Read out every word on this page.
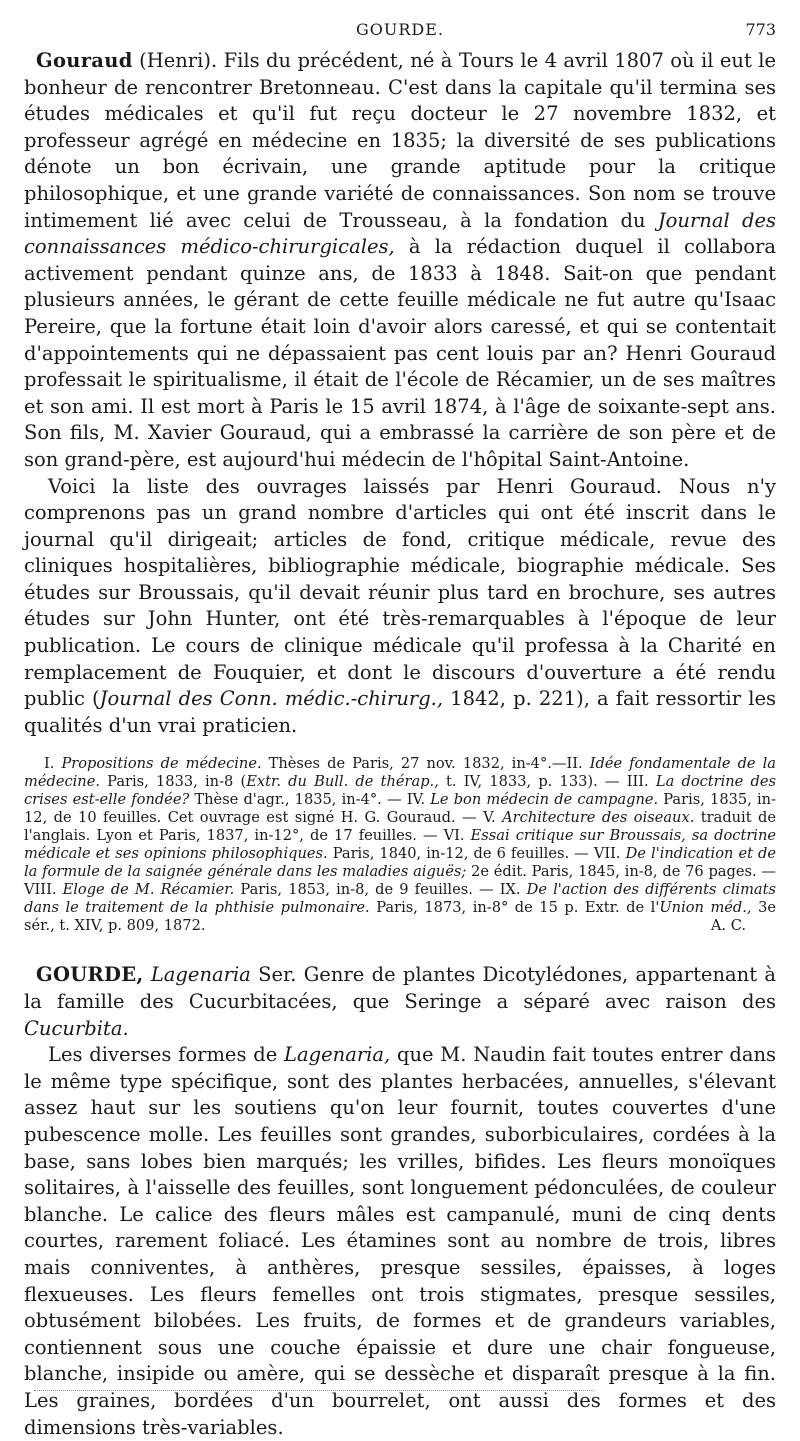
GOURDE.	773

Gouraud (Henri). Fils du précédent, né à Tours le 4 avril 1807 où il eut le bonheur de rencontrer Bretonneau. C'est dans la capitale qu'il termina ses études médicales et qu'il fut reçu docteur le 27 novembre 1832, et professeur agrégé en médecine en 1835; la diversité de ses publications dénote un bon écrivain, une grande aptitude pour la critique philosophique, et une grande variété de connaissances. Son nom se trouve intimement lié avec celui de Trousseau, à la fondation du Journal des connaissances médico-chirurgicales, à la rédaction duquel il collabora activement pendant quinze ans, de 1833 à 1848. Sait-on que pendant plusieurs années, le gérant de cette feuille médicale ne fut autre qu'Isaac Pereire, que la fortune était loin d'avoir alors caressé, et qui se contentait d'appointements qui ne dépassaient pas cent louis par an? Henri Gouraud professait le spiritualisme, il était de l'école de Récamier, un de ses maîtres et son ami. Il est mort à Paris le 15 avril 1874, à l'âge de soixante-sept ans. Son fils, M. Xavier Gouraud, qui a embrassé la carrière de son père et de son grand-père, est aujourd'hui médecin de l'hôpital Saint-Antoine.

Voici la liste des ouvrages laissés par Henri Gouraud. Nous n'y comprenons pas un grand nombre d'articles qui ont été inscrit dans le journal qu'il dirigeait; articles de fond, critique médicale, revue des cliniques hospitalières, bibliographie médicale, biographie médicale. Ses études sur Broussais, qu'il devait réunir plus tard en brochure, ses autres études sur John Hunter, ont été très-remarquables à l'époque de leur publication. Le cours de clinique médicale qu'il professa à la Charité en remplacement de Fouquier, et dont le discours d'ouverture a été rendu public (Journal des Conn. médic.-chirurg., 1842, p. 221), a fait ressortir les qualités d'un vrai praticien.

I. Propositions de médecine. Thèses de Paris, 27 nov. 1832, in-4°.—II. Idée fondamentale de la médecine. Paris, 1833, in-8 (Extr. du Bull. de thérap., t. IV, 1833, p. 133). — III. La doctrine des crises est-elle fondée? Thèse d'agr., 1835, in-4°. — IV. Le bon médecin de campagne. Paris, 1835, in-12, de 10 feuilles. Cet ouvrage est signé H. G. Gouraud. — V. Architecture des oiseaux. traduit de l'anglais. Lyon et Paris, 1837, in-12°, de 17 feuilles. — VI. Essai critique sur Broussais, sa doctrine médicale et ses opinions philosophiques. Paris, 1840, in-12, de 6 feuilles. — VII. De l'indication et de la formule de la saignée générale dans les maladies aiguës; 2e édit. Paris, 1845, in-8, de 76 pages. — VIII. Eloge de M. Récamier. Paris, 1853, in-8, de 9 feuilles. — IX. De l'action des différents climats dans le traitement de la phthisie pulmonaire. Paris, 1873, in-8° de 15 p. Extr. de l'Union méd., 3e sér., t. XIV, p. 809, 1872.	A. C.

GOURDE, Lagenaria Ser. Genre de plantes Dicotylédones, appartenant à la famille des Cucurbitacées, que Seringe a séparé avec raison des Cucurbita.

Les diverses formes de Lagenaria, que M. Naudin fait toutes entrer dans le même type spécifique, sont des plantes herbacées, annuelles, s'élevant assez haut sur les soutiens qu'on leur fournit, toutes couvertes d'une pubescence molle. Les feuilles sont grandes, suborbiculaires, cordées à la base, sans lobes bien marqués; les vrilles, bifides. Les fleurs monoïques solitaires, à l'aisselle des feuilles, sont longuement pédonculées, de couleur blanche. Le calice des fleurs mâles est campanulé, muni de cinq dents courtes, rarement foliacé. Les étamines sont au nombre de trois, libres mais conniventes, à anthères, presque sessiles, épaisses, à loges flexueuses. Les fleurs femelles ont trois stigmates, presque sessiles, obtusément bilobées. Les fruits, de formes et de grandeurs variables, contiennent sous une couche épaissie et dure une chair fongueuse, blanche, insipide ou amère, qui se dessèche et disparaît presque à la fin. Les graines, bordées d'un bourrelet, ont aussi des formes et des dimensions très-variables.
